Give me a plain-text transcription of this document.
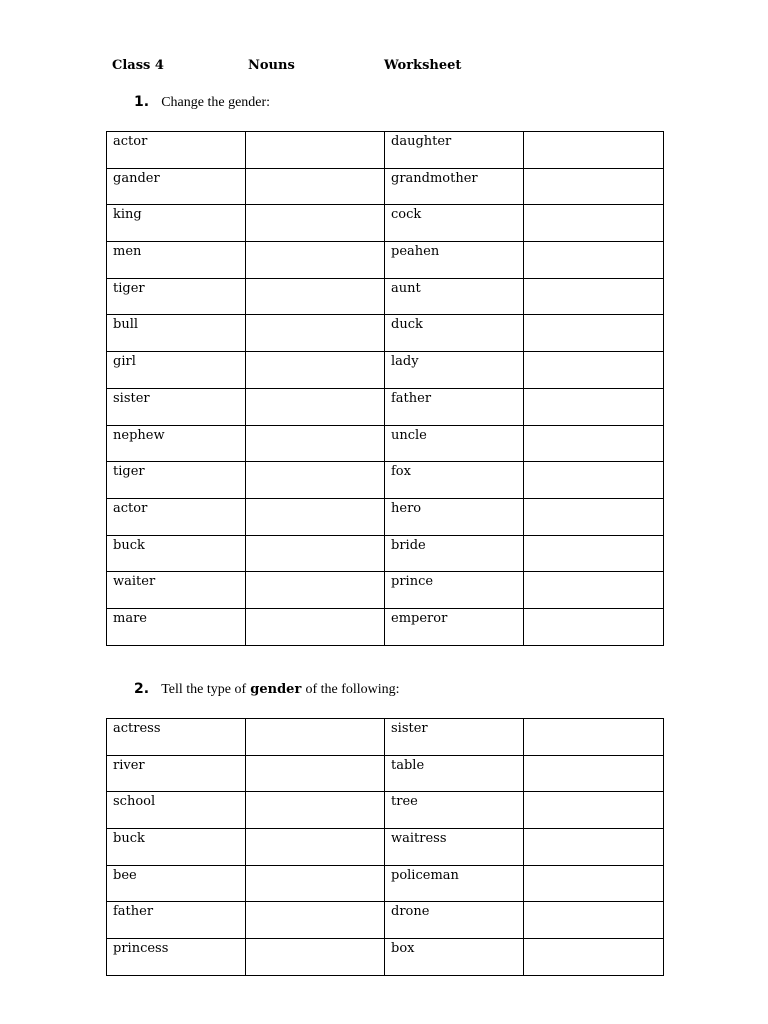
Class 4	Nouns	Worksheet
1. Change the gender:
actor		daughter	
gander		grandmother	
king		cock	
men		peahen	
tiger		aunt	
bull		duck	
girl		lady	
sister		father	
nephew		uncle	
tiger		fox	
actor		hero	
buck		bride	
waiter		prince	
mare		emperor	
2. Tell the type of gender of the following:
actress		sister	
river		table	
school		tree	
buck		waitress	
bee		policeman	
father		drone	
princess		box	
